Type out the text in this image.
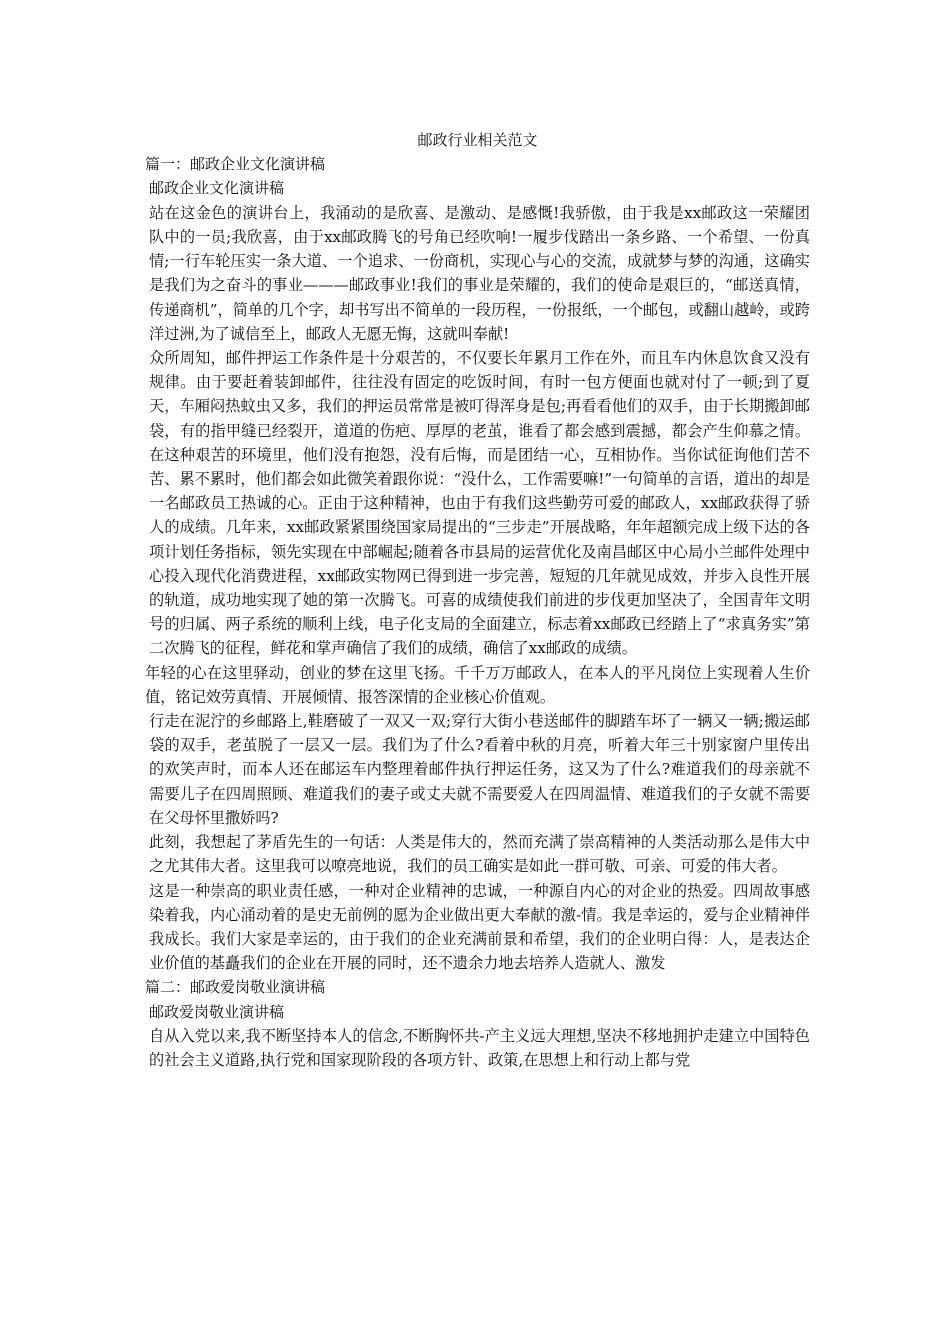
邮政行业相关范文

篇一：邮政企业文化演讲稿

邮政企业文化演讲稿

站在这金色的演讲台上，我涌动的是欣喜、是激动、是感慨!我骄傲，由于我是xx邮政这一荣耀团队中的一员;我欣喜，由于xx邮政腾飞的号角已经吹响!一履步伐踏出一条乡路、一个希望、一份真情;一行车轮压实一条大道、一个追求、一份商机，实现心与心的交流，成就梦与梦的沟通，这确实是我们为之奋斗的事业———邮政事业!我们的事业是荣耀的，我们的使命是艰巨的，“邮送真情，传递商机”，简单的几个字，却书写出不简单的一段历程，一份报纸，一个邮包，或翻山越岭，或跨洋过洲,为了诚信至上，邮政人无愿无悔，这就叫奉献!

众所周知，邮件押运工作条件是十分艰苦的，不仅要长年累月工作在外，而且车内休息饮食又没有规律。由于要赶着装卸邮件，往往没有固定的吃饭时间，有时一包方便面也就对付了一顿;到了夏天，车厢闷热蚊虫又多，我们的押运员常常是被叮得浑身是包;再看看他们的双手，由于长期搬卸邮袋，有的指甲缝已经裂开，道道的伤疤、厚厚的老茧，谁看了都会感到震撼，都会产生仰慕之情。在这种艰苦的环境里，他们没有抱怨，没有后悔，而是团结一心，互相协作。当你试征询他们苦不苦、累不累时，他们都会如此微笑着跟你说：“没什么，工作需要嘛!”一句简单的言语，道出的却是一名邮政员工热诚的心。正由于这种精神，也由于有我们这些勤劳可爱的邮政人，xx邮政获得了骄人的成绩。几年来，xx邮政紧紧围绕国家局提出的“三步走”开展战略，年年超额完成上级下达的各项计划任务指标，领先实现在中部崛起;随着各市县局的运营优化及南昌邮区中心局小兰邮件处理中心投入现代化消费进程，xx邮政实物网已得到进一步完善，短短的几年就见成效，并步入良性开展的轨道，成功地实现了她的第一次腾飞。可喜的成绩使我们前进的步伐更加坚决了，全国青年文明号的归属、两子系统的顺利上线，电子化支局的全面建立，标志着xx邮政已经踏上了“求真务实”第二次腾飞的征程，鲜花和掌声确信了我们的成绩，确信了xx邮政的成绩。

年轻的心在这里驿动，创业的梦在这里飞扬。千千万万邮政人，在本人的平凡岗位上实现着人生价值，铭记效劳真情、开展倾情、报答深情的企业核心价值观。

行走在泥泞的乡邮路上,鞋磨破了一双又一双;穿行大街小巷送邮件的脚踏车坏了一辆又一辆;搬运邮袋的双手，老茧脱了一层又一层。我们为了什么?看着中秋的月亮，听着大年三十别家窗户里传出的欢笑声时，而本人还在邮运车内整理着邮件执行押运任务，这又为了什么?难道我们的母亲就不需要儿子在四周照顾、难道我们的妻子或丈夫就不需要爱人在四周温情、难道我们的子女就不需要在父母怀里撒娇吗?

此刻，我想起了茅盾先生的一句话：人类是伟大的，然而充满了崇高精神的人类活动那么是伟大中之尤其伟大者。这里我可以嘹亮地说，我们的员工确实是如此一群可敬、可亲、可爱的伟大者。

这是一种崇高的职业责任感，一种对企业精神的忠诚，一种源自内心的对企业的热爱。四周故事感染着我，内心涌动着的是史无前例的愿为企业做出更大奉献的激-情。我是幸运的，爱与企业精神伴我成长。我们大家是幸运的，由于我们的企业充满前景和希望，我们的企业明白得：人，是表达企业价值的基矗我们的企业在开展的同时，还不遗余力地去培养人造就人、激发

篇二：邮政爱岗敬业演讲稿

邮政爱岗敬业演讲稿

自从入党以来,我不断坚持本人的信念,不断胸怀共-产主义远大理想,坚决不移地拥护走建立中国特色的社会主义道路,执行党和国家现阶段的各项方针、政策,在思想上和行动上都与党
